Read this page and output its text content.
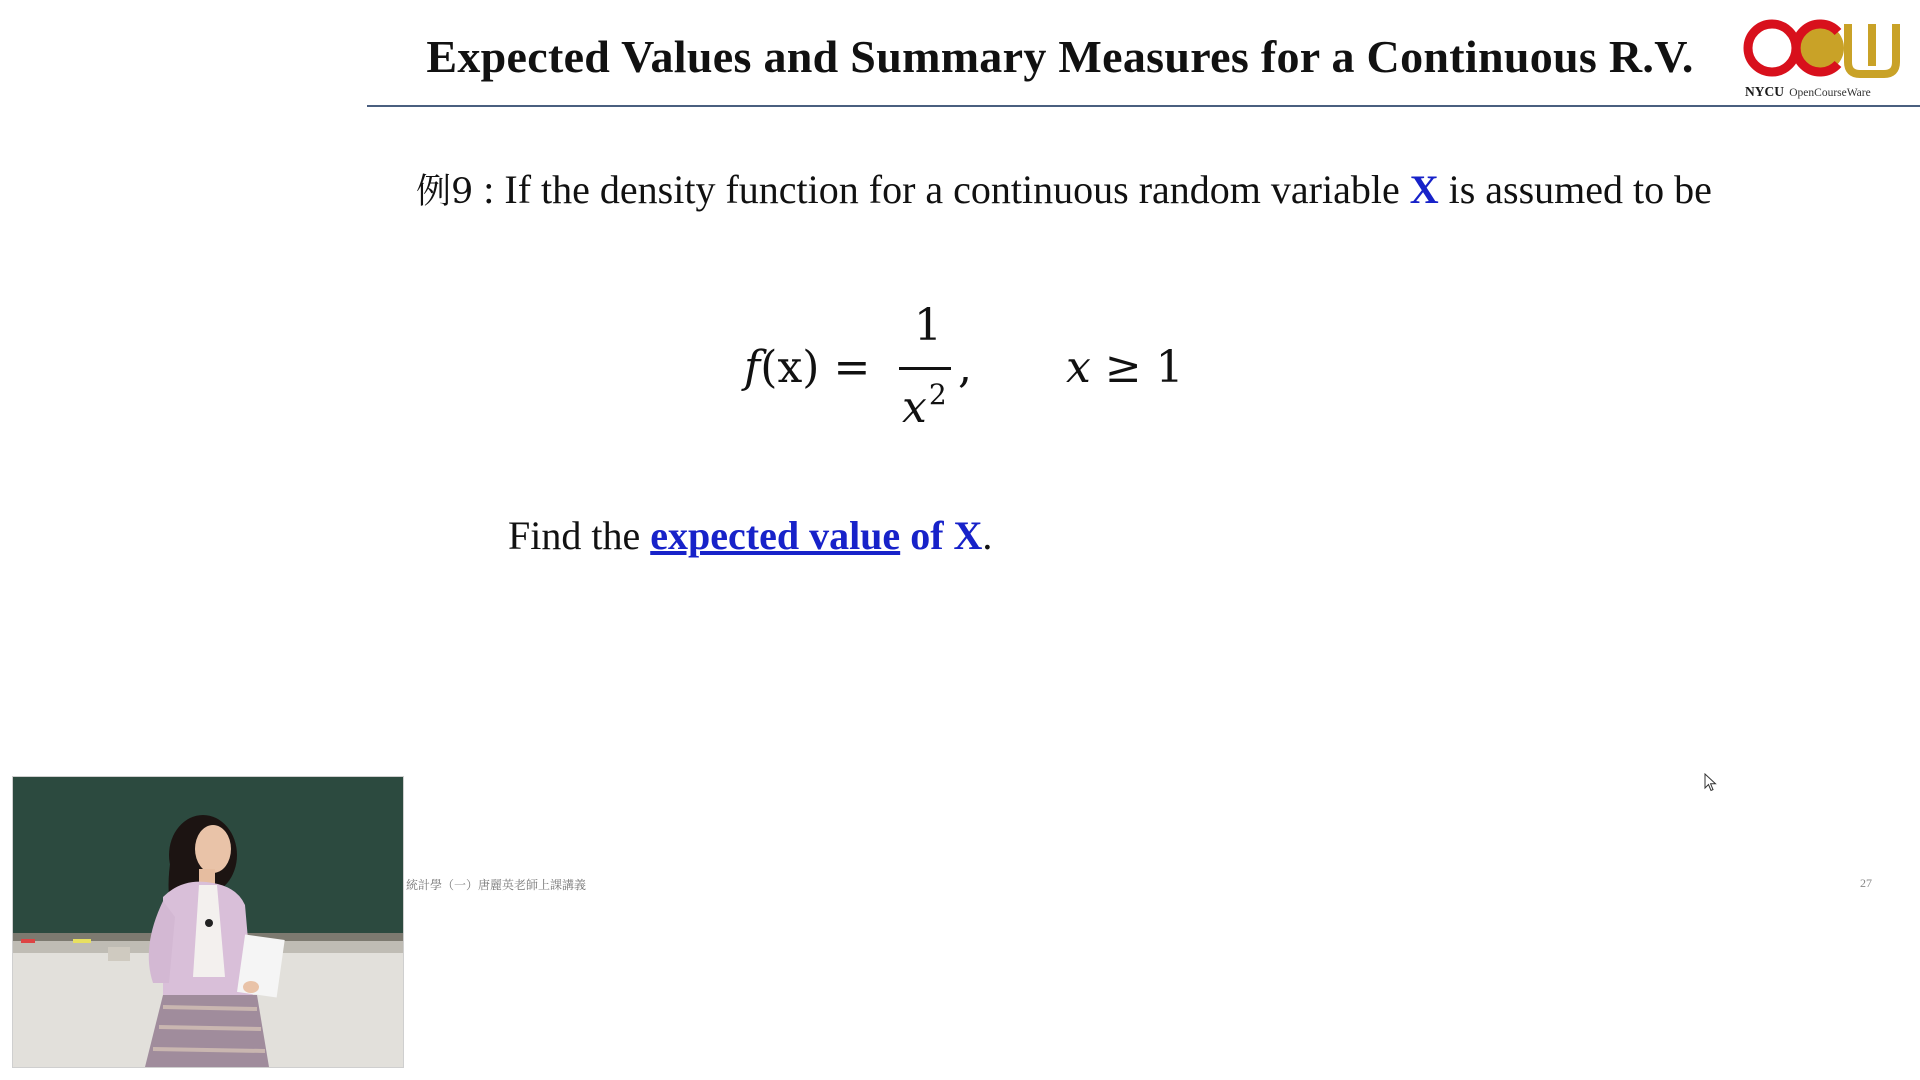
Expected Values and Summary Measures for a Continuous R.V.
NYCU OpenCourseWare
例9 : If the density function for a continuous random variable X is assumed to be
f(x) =
1
$x^2$
, x ≥ 1
Find the expected value of X.
統計學（一）唐麗英老師上課講義	27
